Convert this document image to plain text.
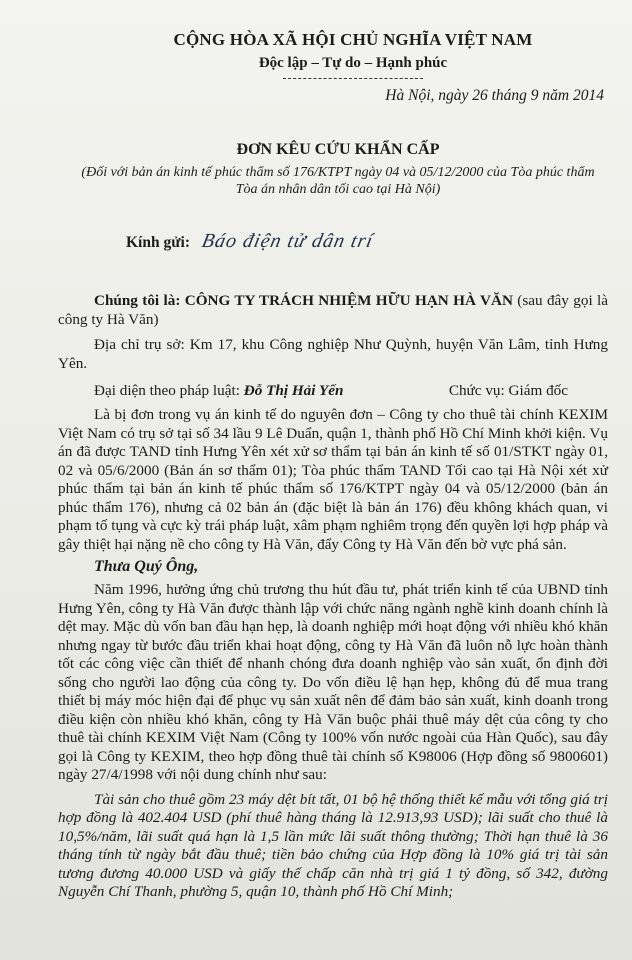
CỘNG HÒA XÃ HỘI CHỦ NGHĨA VIỆT NAM
Độc lập – Tự do – Hạnh phúc
Hà Nội, ngày 26 tháng 9 năm 2014
ĐƠN KÊU CỨU KHẨN CẤP
(Đối với bản án kinh tế phúc thẩm số 176/KTPT ngày 04 và 05/12/2000 của Tòa phúc thẩm Tòa án nhân dân tối cao tại Hà Nội)
Kính gửi: Báo điện tử dân trí
Chúng tôi là: CÔNG TY TRÁCH NHIỆM HỮU HẠN HÀ VĂN (sau đây gọi là công ty Hà Văn)
Địa chỉ trụ sở: Km 17, khu Công nghiệp Như Quỳnh, huyện Văn Lâm, tỉnh Hưng Yên.
Đại diện theo pháp luật:
Đỗ Thị Hải Yến	Chức vụ: Giám đốc
Là bị đơn trong vụ án kinh tế do nguyên đơn – Công ty cho thuê tài chính KEXIM Việt Nam có trụ sở tại số 34 lầu 9 Lê Duẩn, quận 1, thành phố Hồ Chí Minh khởi kiện. Vụ án đã được TAND tỉnh Hưng Yên xét xử sơ thẩm tại bản án kinh tế số 01/STKT ngày 01, 02 và 05/6/2000 (Bản án sơ thẩm 01); Tòa phúc thẩm TAND Tối cao tại Hà Nội xét xử phúc thẩm tại bản án kinh tế phúc thẩm số 176/KTPT ngày 04 và 05/12/2000 (bản án phúc thẩm 176), nhưng cả 02 bản án (đặc biệt là bản án 176) đều không khách quan, vi phạm tố tụng và cực kỳ trái pháp luật, xâm phạm nghiêm trọng đến quyền lợi hợp pháp và gây thiệt hại nặng nề cho công ty Hà Văn, đẩy Công ty Hà Văn đến bờ vực phá sản.
Thưa Quý Ông,
Năm 1996, hưởng ứng chủ trương thu hút đầu tư, phát triển kinh tế của UBND tỉnh Hưng Yên, công ty Hà Văn được thành lập với chức năng ngành nghề kinh doanh chính là dệt may. Mặc dù vốn ban đầu hạn hẹp, là doanh nghiệp mới hoạt động với nhiều khó khăn nhưng ngay từ bước đầu triển khai hoạt động, công ty Hà Văn đã luôn nỗ lực hoàn thành tốt các công việc cần thiết để nhanh chóng đưa doanh nghiệp vào sản xuất, ổn định đời sống cho người lao động của công ty. Do vốn điều lệ hạn hẹp, không đủ để mua trang thiết bị máy móc hiện đại để phục vụ sản xuất nên để đảm bảo sản xuất, kinh doanh trong điều kiện còn nhiều khó khăn, công ty Hà Văn buộc phải thuê máy dệt của công ty cho thuê tài chính KEXIM Việt Nam (Công ty 100% vốn nước ngoài của Hàn Quốc), sau đây gọi là Công ty KEXIM, theo hợp đồng thuê tài chính số K98006 (Hợp đồng số 9800601) ngày 27/4/1998 với nội dung chính như sau:
Tài sản cho thuê gồm 23 máy dệt bít tất, 01 bộ hệ thống thiết kế mẫu với tổng giá trị hợp đồng là 402.404 USD (phí thuê hàng tháng là 12.913,93 USD); lãi suất cho thuê là 10,5%/năm, lãi suất quá hạn là 1,5 lần mức lãi suất thông thường; Thời hạn thuê là 36 tháng tính từ ngày bắt đầu thuê; tiền bảo chứng của Hợp đồng là 10% giá trị tài sản tương đương 40.000 USD và giấy thế chấp căn nhà trị giá 1 tỷ đồng, số 342, đường Nguyễn Chí Thanh, phường 5, quận 10, thành phố Hồ Chí Minh;
